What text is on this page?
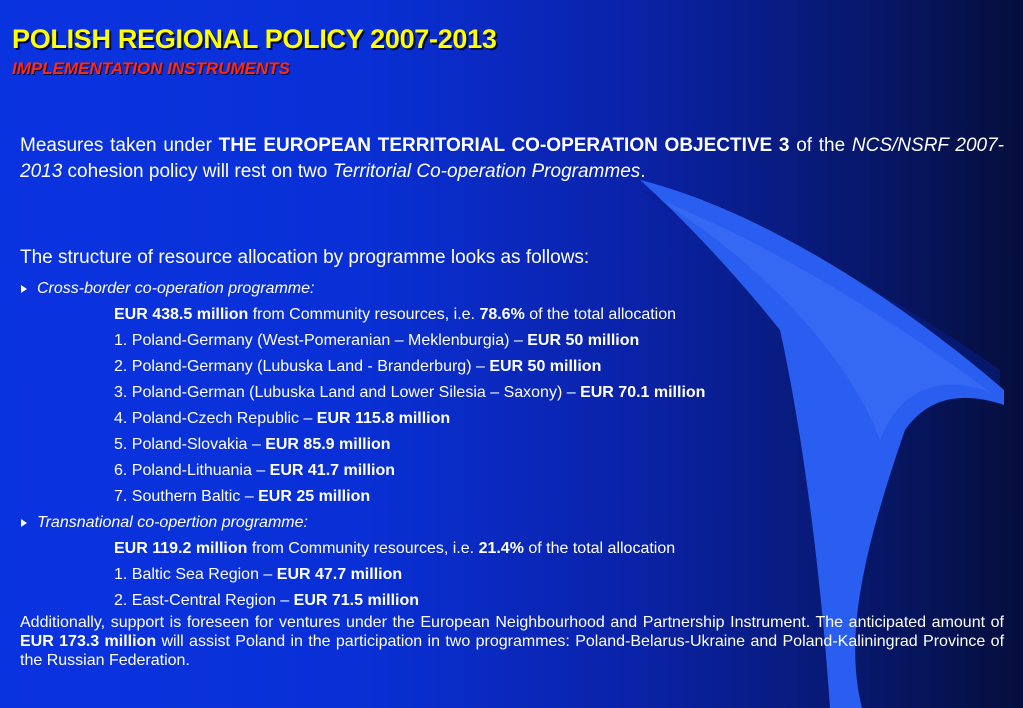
POLISH REGIONAL POLICY 2007-2013
IMPLEMENTATION INSTRUMENTS

Measures taken under THE EUROPEAN TERRITORIAL CO-OPERATION OBJECTIVE 3 of the NCS/NSRF 2007-2013 cohesion policy will rest on two Territorial Co-operation Programmes.

The structure of resource allocation by programme looks as follows:

Cross-border co-operation programme:
EUR 438.5 million from Community resources, i.e. 78.6% of the total allocation
1. Poland-Germany (West-Pomeranian – Meklenburgia) – EUR 50 million
2. Poland-Germany (Lubuska Land - Branderburg) – EUR 50 million
3. Poland-German (Lubuska Land and Lower Silesia – Saxony) – EUR 70.1 million
4. Poland-Czech Republic – EUR 115.8 million
5. Poland-Slovakia – EUR 85.9 million
6. Poland-Lithuania – EUR 41.7 million
7. Southern Baltic – EUR 25 million
Transnational co-opertion programme:
EUR 119.2 million from Community resources, i.e. 21.4% of the total allocation
1. Baltic Sea Region – EUR 47.7 million
2. East-Central Region – EUR 71.5 million

Additionally, support is foreseen for ventures under the European Neighbourhood and Partnership Instrument. The anticipated amount of EUR 173.3 million will assist Poland in the participation in two programmes: Poland-Belarus-Ukraine and Poland-Kaliningrad Province of the Russian Federation.
